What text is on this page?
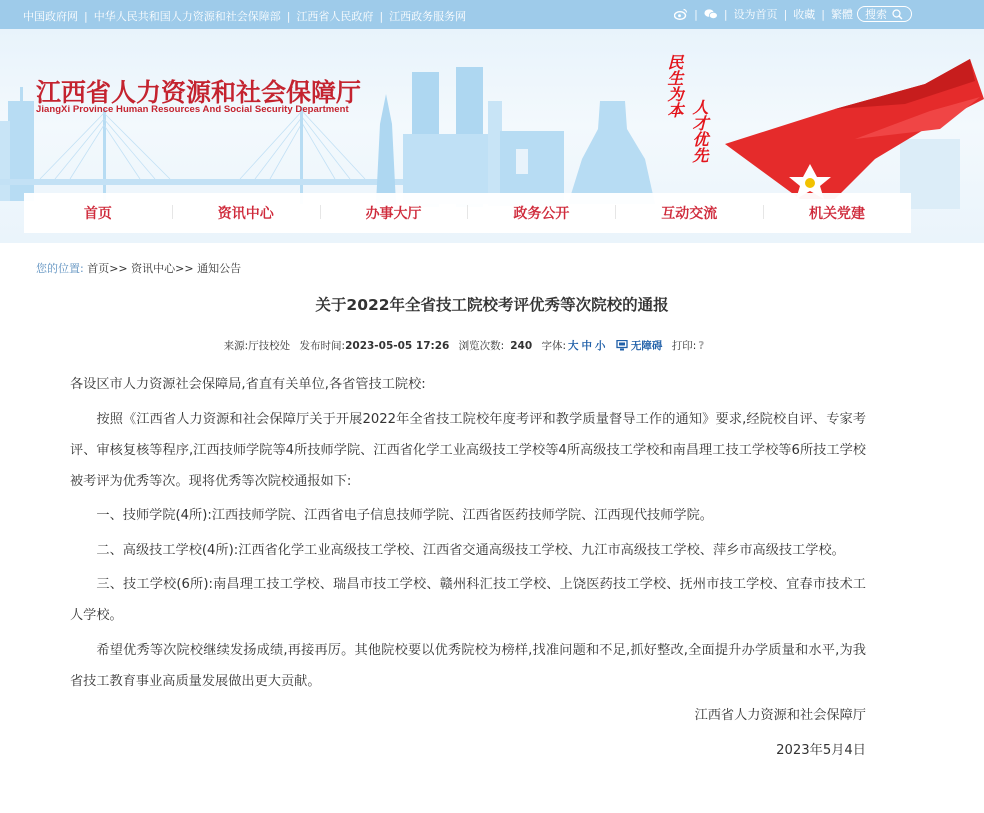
中国政府网 | 中华人民共和国人力资源和社会保障部 | 江西省人民政府 | 江西政务服务网	| | 设为首页 | 收藏 | 繁體 搜索
江西省人力资源和社会保障厅
JiangXi Province Human Resources And Social Security Department	民生为本
人才优先
首页	资讯中心	办事大厅	政务公开	互动交流	机关党建
您的位置: 首页>> 资讯中心>> 通知公告
关于2022年全省技工院校考评优秀等次院校的通报
来源:厅技校处 发布时间:2023-05-05 17:26 浏览次数: 240 字体: 大 中 小 无障碍 打印: ?

各设区市人力资源社会保障局,省直有关单位,各省管技工院校:

按照《江西省人力资源和社会保障厅关于开展2022年全省技工院校年度考评和教学质量督导工作的通知》要求,经院校自评、专家考评、审核复核等程序,江西技师学院等4所技师学院、江西省化学工业高级技工学校等4所高级技工学校和南昌理工技工学校等6所技工学校被考评为优秀等次。现将优秀等次院校通报如下:

一、技师学院(4所):江西技师学院、江西省电子信息技师学院、江西省医药技师学院、江西现代技师学院。

二、高级技工学校(4所):江西省化学工业高级技工学校、江西省交通高级技工学校、九江市高级技工学校、萍乡市高级技工学校。

三、技工学校(6所):南昌理工技工学校、瑞昌市技工学校、赣州科汇技工学校、上饶医药技工学校、抚州市技工学校、宜春市技术工人学校。

希望优秀等次院校继续发扬成绩,再接再厉。其他院校要以优秀院校为榜样,找准问题和不足,抓好整改,全面提升办学质量和水平,为我省技工教育事业高质量发展做出更大贡献。

江西省人力资源和社会保障厅

2023年5月4日
